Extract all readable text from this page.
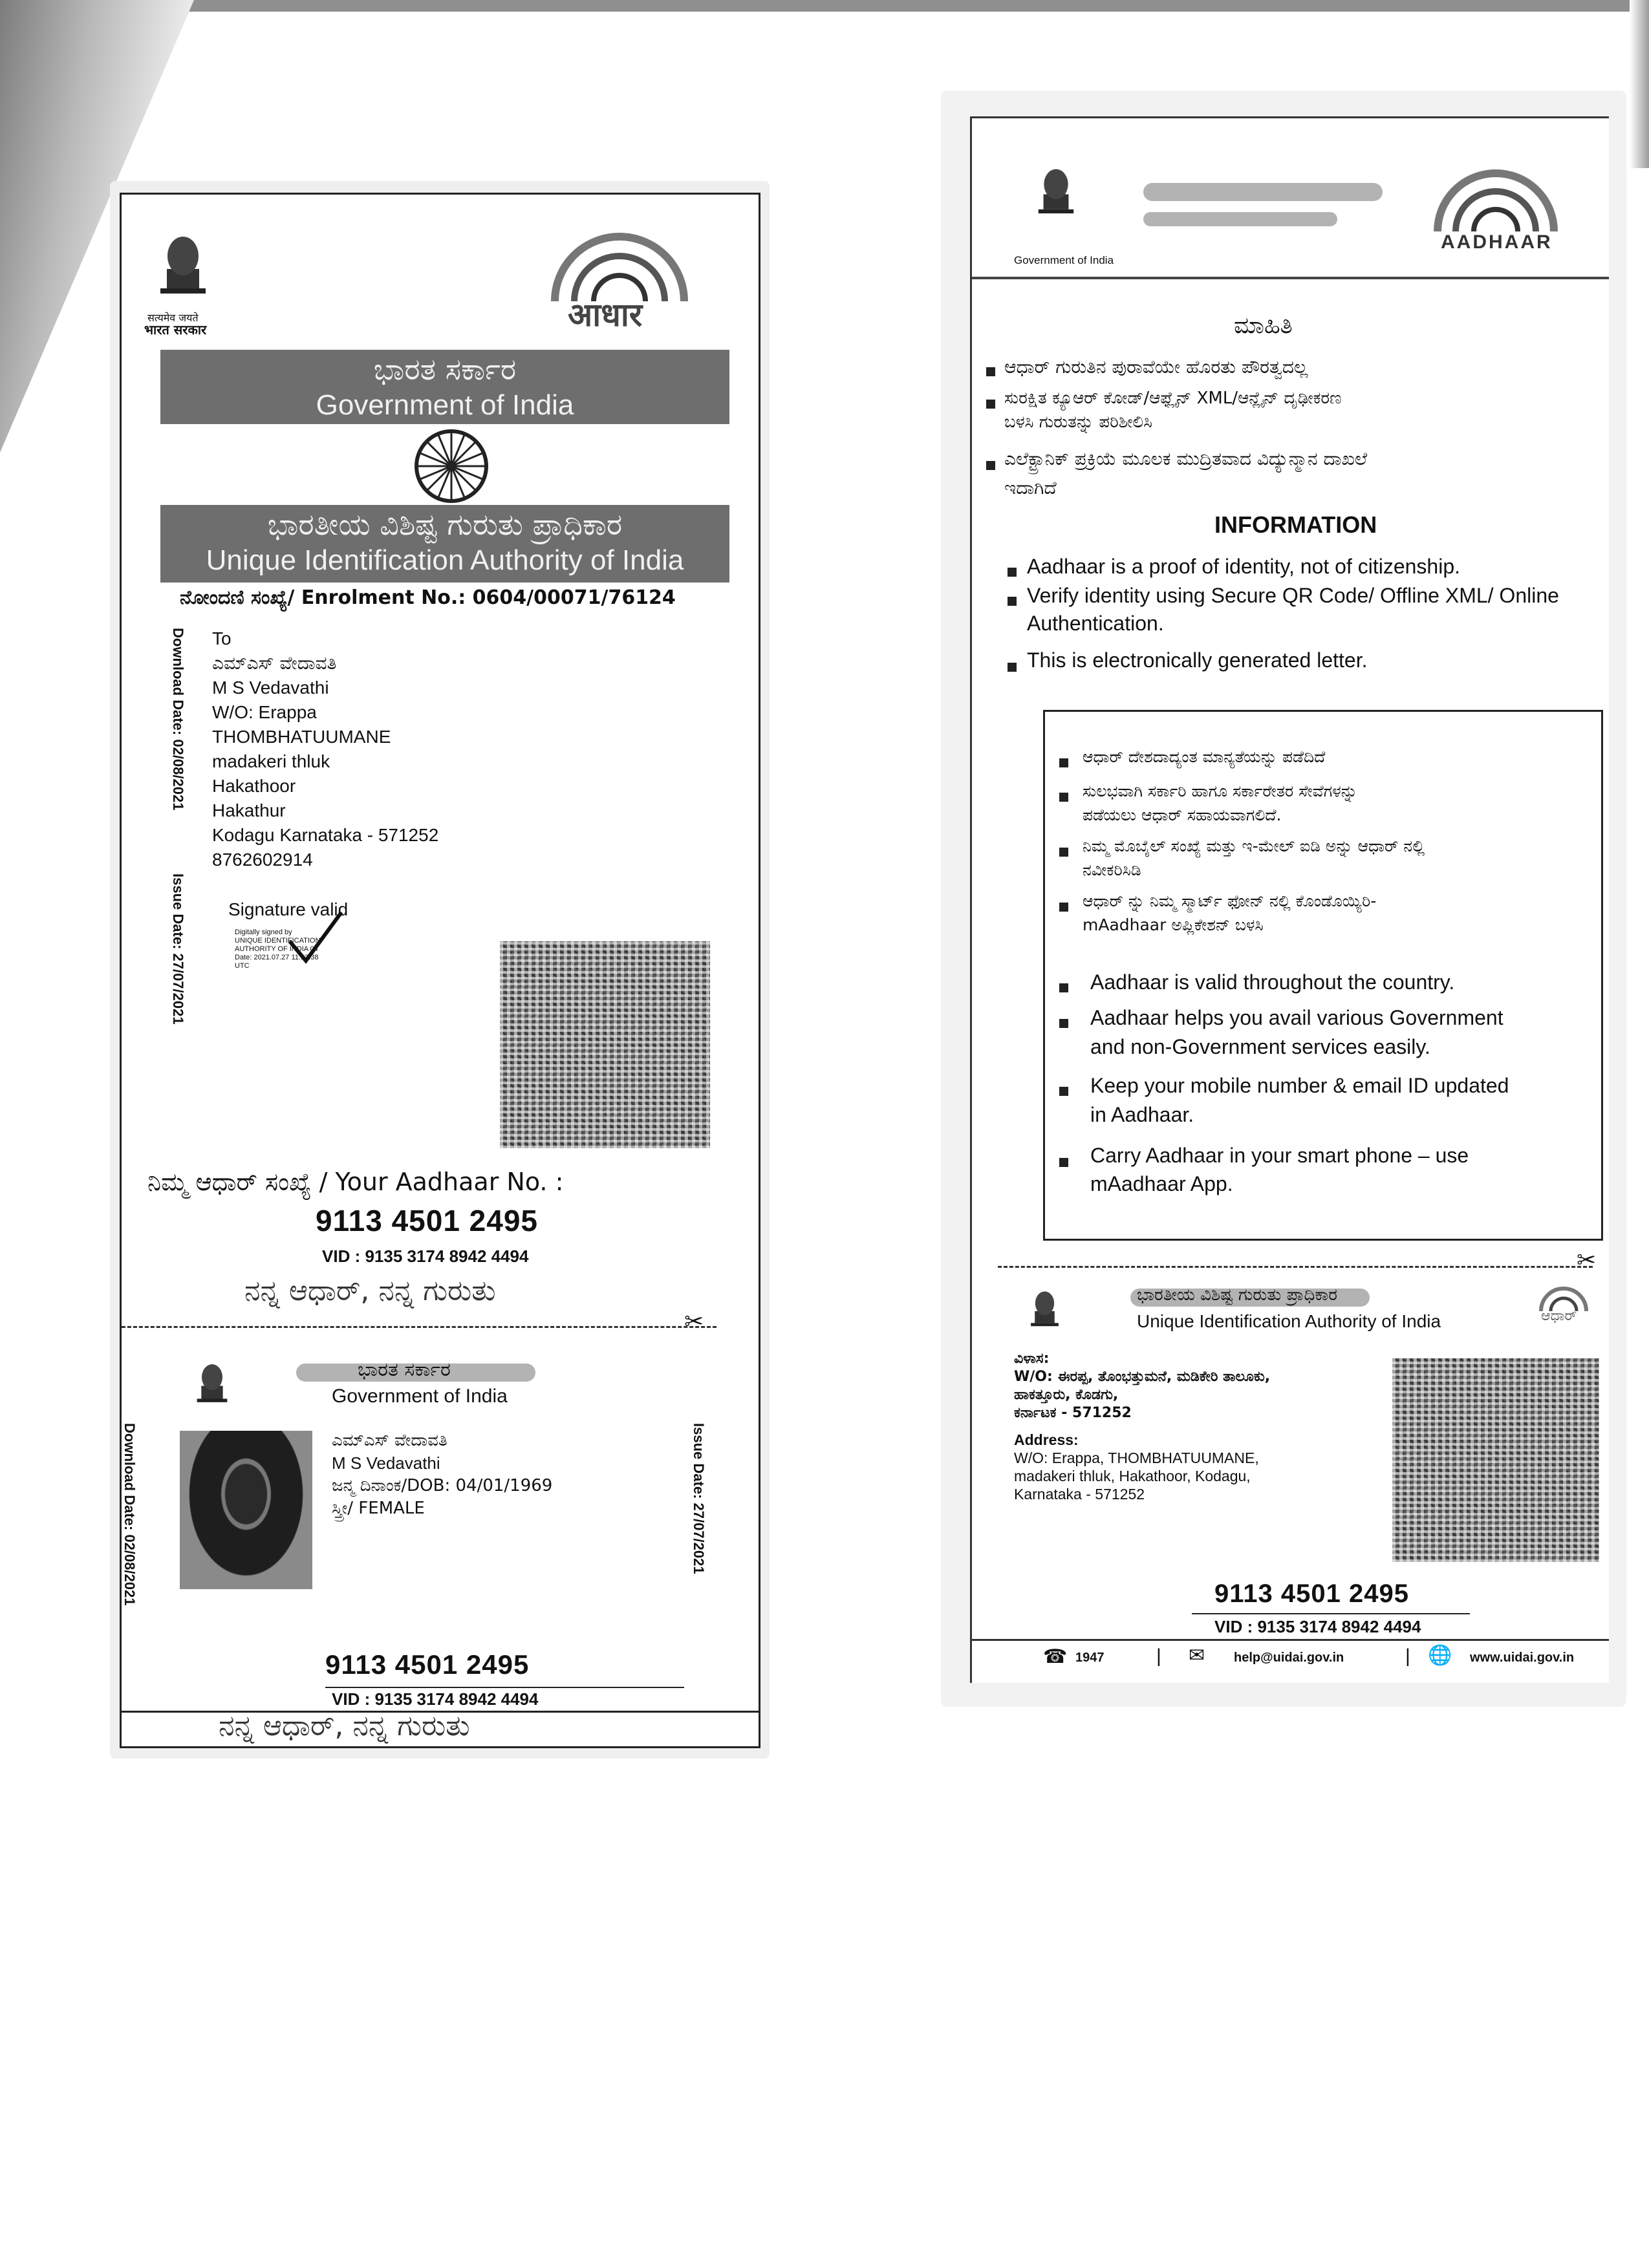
सत्यमेव जयते
भारत सरकार	आधार
ಭಾರತ ಸರ್ಕಾರ
Government of India
ಭಾರತೀಯ ವಿಶಿಷ್ಟ ಗುರುತು ಪ್ರಾಧಿಕಾರ
Unique Identification Authority of India
ನೋಂದಣಿ ಸಂಖ್ಯೆ/ Enrolment No.: 0604/00071/76124
Download Date: 02/08/2021
Issue Date: 27/07/2021
To
ಎಮ್ಎಸ್ ವೇದಾವತಿ
M S Vedavathi
W/O: Erappa
THOMBHATUUMANE
madakeri thluk
Hakathoor
Hakathur
Kodagu Karnataka - 571252
8762602914
Signature valid
Digitally signed by
UNIQUE IDENTIFICATION
AUTHORITY OF INDIA 04
Date: 2021.07.27 11:13:38
UTC
ನಿಮ್ಮ ಆಧಾರ್ ಸಂಖ್ಯೆ / Your Aadhaar No. :
9113 4501 2495
VID : 9135 3174 8942 4494
ನನ್ನ ಆಧಾರ್, ನನ್ನ ಗುರುತು
✂
ಭಾರತ ಸರ್ಕಾರ
Government of India
Download Date: 02/08/2021	Issue Date: 27/07/2021
ಎಮ್ಎಸ್ ವೇದಾವತಿ
M S Vedavathi
ಜನ್ಮ ದಿನಾಂಕ/DOB: 04/01/1969
ಸ್ತ್ರೀ/ FEMALE
9113 4501 2495
VID : 9135 3174 8942 4494
ನನ್ನ ಆಧಾರ್, ನನ್ನ ಗುರುತು
Government of India
AADHAAR
ಮಾಹಿತಿ
ಆಧಾರ್ ಗುರುತಿನ ಪುರಾವೆಯೇ ಹೊರತು ಪೌರತ್ವದಲ್ಲ
ಸುರಕ್ಷಿತ ಕ್ಯೂಆರ್ ಕೋಡ್/ಆಫ್ಲೈನ್ XML/ಆನ್ಲೈನ್ ದೃಢೀಕರಣ
ಬಳಸಿ ಗುರುತನ್ನು ಪರಿಶೀಲಿಸಿ
ಎಲೆಕ್ಟ್ರಾನಿಕ್ ಪ್ರಕ್ರಿಯೆ ಮೂಲಕ ಮುದ್ರಿತವಾದ ವಿದ್ಯುನ್ಮಾನ ದಾಖಲೆ
ಇದಾಗಿದೆ
INFORMATION
Aadhaar is a proof of identity, not of citizenship.
Verify identity using Secure QR Code/ Offline XML/ Online
Authentication.
This is electronically generated letter.
ಆಧಾರ್ ದೇಶದಾದ್ಯಂತ ಮಾನ್ಯತೆಯನ್ನು ಪಡೆದಿದೆ
ಸುಲಭವಾಗಿ ಸರ್ಕಾರಿ ಹಾಗೂ ಸರ್ಕಾರೇತರ ಸೇವೆಗಳನ್ನು
ಪಡೆಯಲು ಆಧಾರ್ ಸಹಾಯವಾಗಲಿದೆ.
ನಿಮ್ಮ ಮೊಬೈಲ್ ಸಂಖ್ಯೆ ಮತ್ತು ಇ-ಮೇಲ್ ಐಡಿ ಅನ್ನು ಆಧಾರ್ ನಲ್ಲಿ
ನವೀಕರಿಸಿಡಿ
ಆಧಾರ್ ನ್ನು ನಿಮ್ಮ ಸ್ಮಾರ್ಟ್ ಫೋನ್ ನಲ್ಲಿ ಕೊಂಡೊಯ್ಯಿರಿ-
mAadhaar ಅಪ್ಲಿಕೇಶನ್ ಬಳಸಿ
Aadhaar is valid throughout the country.
Aadhaar helps you avail various Government
and non-Government services easily.
Keep your mobile number & email ID updated
in Aadhaar.
Carry Aadhaar in your smart phone – use
mAadhaar App.
✂
ಭಾರತೀಯ ವಿಶಿಷ್ಟ ಗುರುತು ಪ್ರಾಧಿಕಾರ
Unique Identification Authority of India	ಆಧಾರ್
ವಿಳಾಸ:
W/O: ಈರಪ್ಪ, ತೊಂಭತ್ತುಮನೆ, ಮಡಿಕೇರಿ ತಾಲೂಕು,
ಹಾಕತ್ತೂರು, ಕೊಡಗು,
ಕರ್ನಾಟಕ - 571252
Address:
W/O: Erappa, THOMBHATUUMANE,
madakeri thluk, Hakathoor, Kodagu,
Karnataka - 571252
9113 4501 2495
VID : 9135 3174 8942 4494
☎ 1947	| ✉ help@uidai.gov.in	| 🌐 www.uidai.gov.in
